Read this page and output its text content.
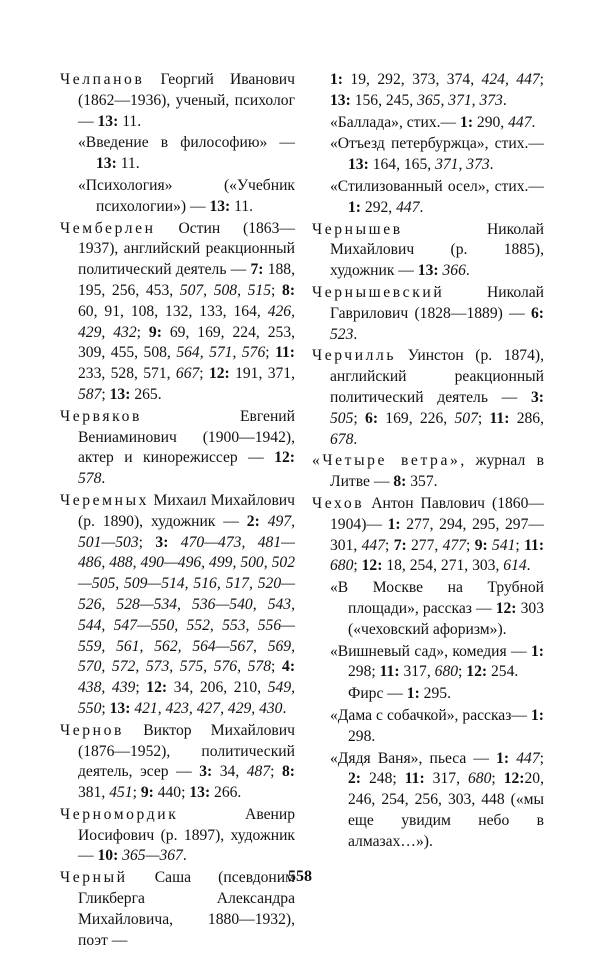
Челпанов Георгий Иванович (1862—1936), ученый, психолог — 13: 11.

«Введение в философию» — 13: 11.

«Психология» («Учебник психологии») — 13: 11.

Чемберлен Остин (1863—1937), английский реакционный политический деятель — 7: 188, 195, 256, 453, 507, 508, 515; 8: 60, 91, 108, 132, 133, 164, 426, 429, 432; 9: 69, 169, 224, 253, 309, 455, 508, 564, 571, 576; 11: 233, 528, 571, 667; 12: 191, 371, 587; 13: 265.

Червяков Евгений Вениаминович (1900—1942), актер и кинорежиссер — 12: 578.

Черемных Михаил Михайлович (р. 1890), художник — 2: 497, 501—503; 3: 470—473, 481—486, 488, 490—496, 499, 500, 502—505, 509—514, 516, 517, 520—526, 528—534, 536—540, 543, 544, 547—550, 552, 553, 556—559, 561, 562, 564—567, 569, 570, 572, 573, 575, 576, 578; 4: 438, 439; 12: 34, 206, 210, 549, 550; 13: 421, 423, 427, 429, 430.

Чернов Виктор Михайлович (1876—1952), политический деятель, эсер — 3: 34, 487; 8: 381, 451; 9: 440; 13: 266.

Черномордик Авенир Иосифович (р. 1897), художник — 10: 365—367.

Черный Саша (псевдоним Гликберга Александра Михайловича, 1880—1932), поэт —

1: 19, 292, 373, 374, 424, 447; 13: 156, 245, 365, 371, 373.

«Баллада», стих.— 1: 290, 447.

«Отъезд петербуржца», стих.— 13: 164, 165, 371, 373.

«Стилизованный осел», стих.— 1: 292, 447.

Чернышев Николай Михайлович (р. 1885), художник — 13: 366.

Чернышевский Николай Гаврилович (1828—1889) — 6: 523.

Черчилль Уинстон (р. 1874), английский реакционный политический деятель — 3: 505; 6: 169, 226, 507; 11: 286, 678.

«Четыре ветра», журнал в Литве — 8: 357.

Чехов Антон Павлович (1860—1904)— 1: 277, 294, 295, 297—301, 447; 7: 277, 477; 9: 541; 11: 680; 12: 18, 254, 271, 303, 614.

«В Москве на Трубной площади», рассказ — 12: 303 («чеховский афоризм»).

«Вишневый сад», комедия — 1: 298; 11: 317, 680; 12: 254.

Фирс — 1: 295.

«Дама с собачкой», рассказ— 1: 298.

«Дядя Ваня», пьеса — 1: 447; 2: 248; 11: 317, 680; 12:20, 246, 254, 256, 303, 448 («мы еще увидим небо в алмазах…»).

558
